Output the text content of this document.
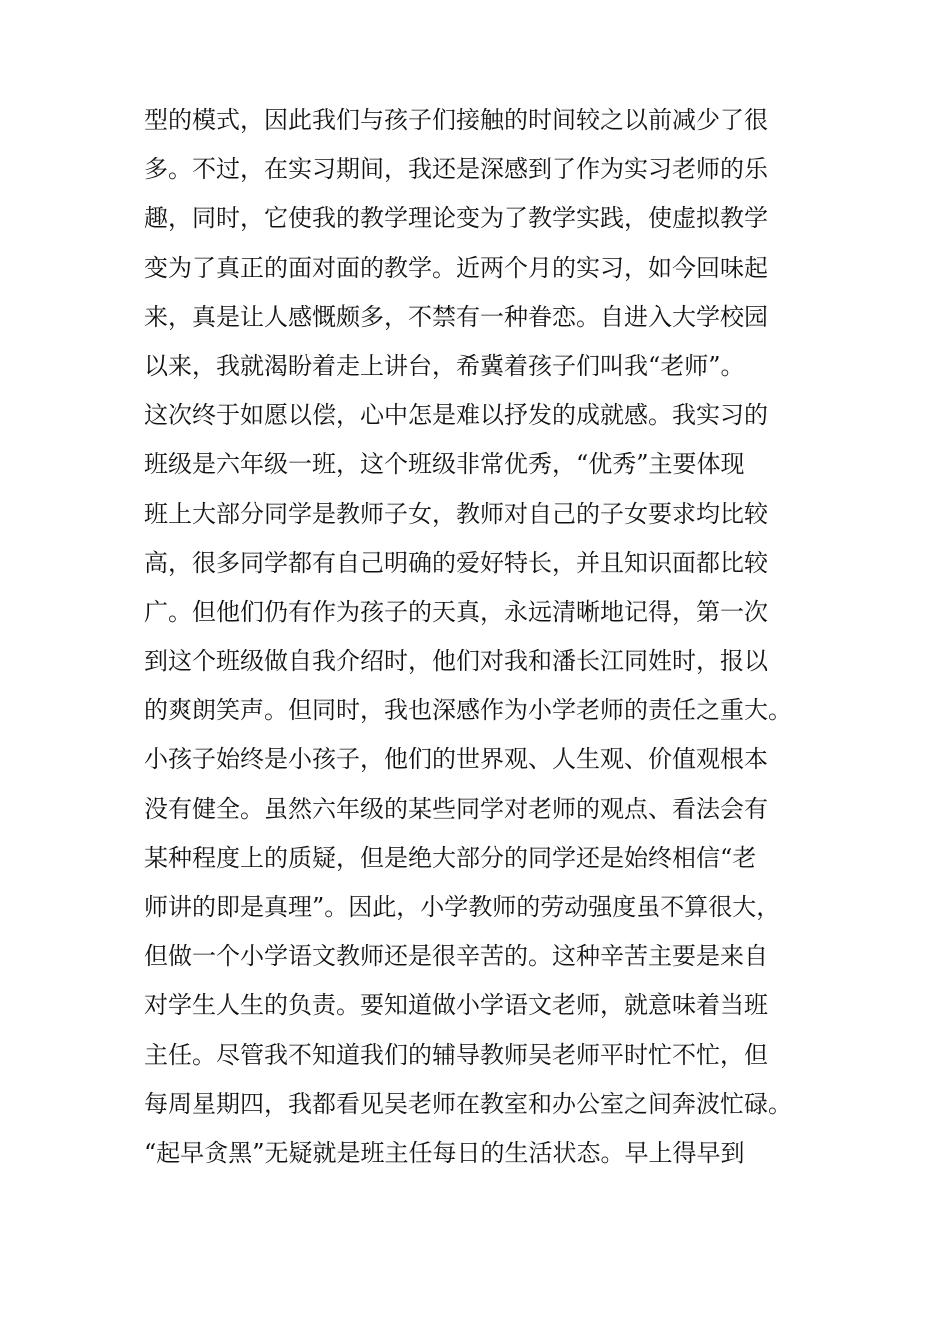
型的模式，因此我们与孩子们接触的时间较之以前减少了很
多。不过，在实习期间，我还是深感到了作为实习老师的乐
趣，同时，它使我的教学理论变为了教学实践，使虚拟教学
变为了真正的面对面的教学。近两个月的实习，如今回味起
来，真是让人感慨颇多，不禁有一种眷恋。自进入大学校园
以来，我就渴盼着走上讲台，希冀着孩子们叫我“老师”。
这次终于如愿以偿，心中怎是难以抒发的成就感。我实习的
班级是六年级一班，这个班级非常优秀，“优秀”主要体现
班上大部分同学是教师子女，教师对自己的子女要求均比较
高，很多同学都有自己明确的爱好特长，并且知识面都比较
广。但他们仍有作为孩子的天真，永远清晰地记得，第一次
到这个班级做自我介绍时，他们对我和潘长江同姓时，报以
的爽朗笑声。但同时，我也深感作为小学老师的责任之重大。
小孩子始终是小孩子，他们的世界观、人生观、价值观根本
没有健全。虽然六年级的某些同学对老师的观点、看法会有
某种程度上的质疑，但是绝大部分的同学还是始终相信“老
师讲的即是真理”。因此，小学教师的劳动强度虽不算很大，
但做一个小学语文教师还是很辛苦的。这种辛苦主要是来自
对学生人生的负责。要知道做小学语文老师，就意味着当班
主任。尽管我不知道我们的辅导教师吴老师平时忙不忙，但
每周星期四，我都看见吴老师在教室和办公室之间奔波忙碌。
“起早贪黑”无疑就是班主任每日的生活状态。早上得早到
